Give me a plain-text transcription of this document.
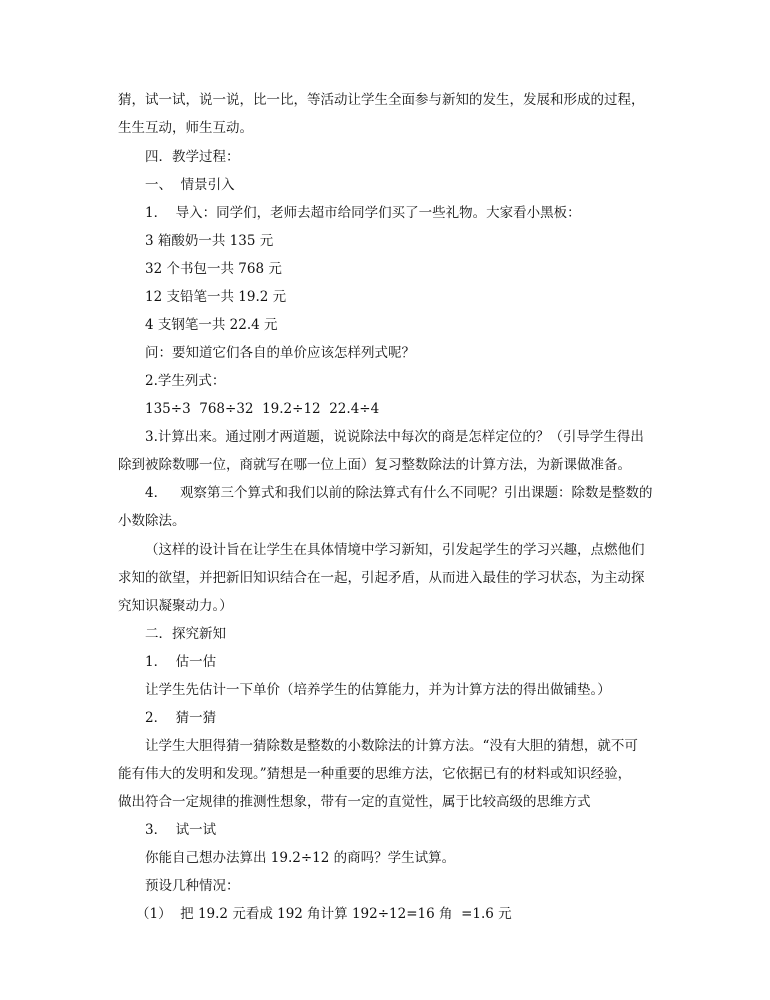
猜，试一试，说一说，比一比，等活动让学生全面参与新知的发生，发展和形成的过程，

生生互动，师生互动。

四．教学过程：

一、  情景引入

1．  导入：同学们，老师去超市给同学们买了一些礼物。大家看小黑板：

3 箱酸奶一共 135 元

32 个书包一共 768 元

12 支铅笔一共 19.2 元

4 支钢笔一共 22.4 元

问：要知道它们各自的单价应该怎样列式呢？

2.学生列式：

135÷3  768÷32  19.2÷12  22.4÷4

3.计算出来。通过刚才两道题，说说除法中每次的商是怎样定位的？（引导学生得出

除到被除数哪一位，商就写在哪一位上面）复习整数除法的计算方法，为新课做准备。

4．   观察第三个算式和我们以前的除法算式有什么不同呢？引出课题：除数是整数的

小数除法。

（这样的设计旨在让学生在具体情境中学习新知，引发起学生的学习兴趣，点燃他们

求知的欲望，并把新旧知识结合在一起，引起矛盾，从而进入最佳的学习状态，为主动探

究知识凝聚动力。）

二．探究新知

1．  估一估

让学生先估计一下单价（培养学生的估算能力，并为计算方法的得出做铺垫。）

2．  猜一猜

让学生大胆得猜一猜除数是整数的小数除法的计算方法。“没有大胆的猜想，就不可

能有伟大的发明和发现。”猜想是一种重要的思维方法，它依据已有的材料或知识经验，

做出符合一定规律的推测性想象，带有一定的直觉性，属于比较高级的思维方式

3．  试一试

你能自己想办法算出 19.2÷12 的商吗？学生试算。

预设几种情况：

（1）  把 19.2 元看成 192 角计算 192÷12=16 角  =1.6 元
